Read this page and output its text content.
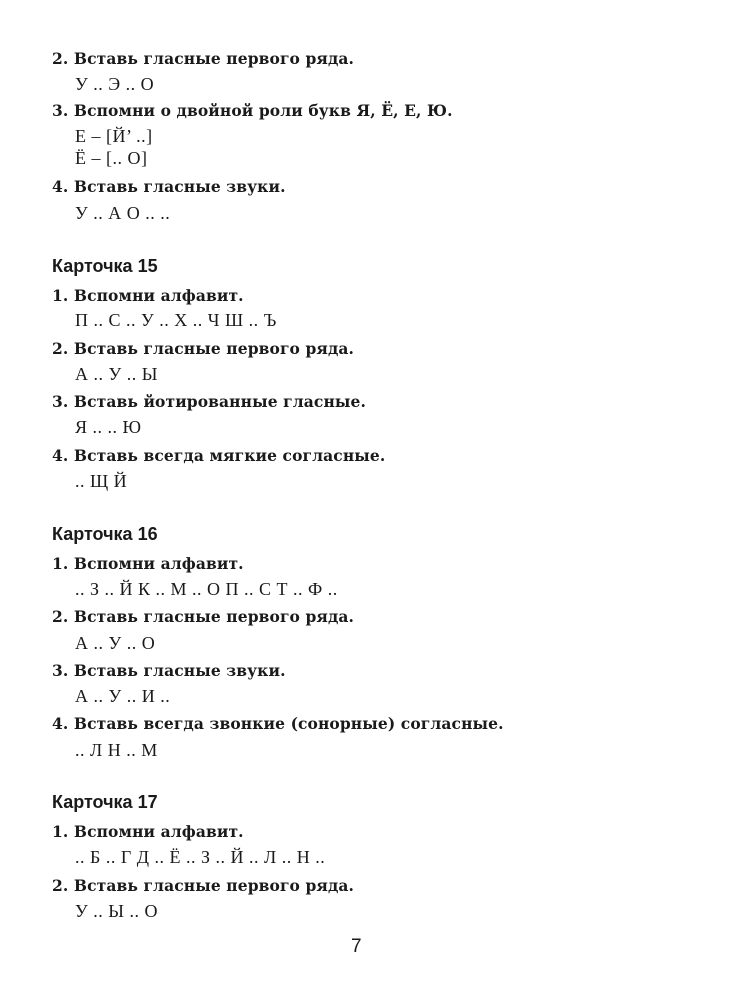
2. Вставь гласные первого ряда.

У .. Э .. О

3. Вспомни о двойной роли букв Я, Ё, Е, Ю.

Е – [Й’ ..]

Ё – [.. О]

4. Вставь гласные звуки.

У .. А О .. ..

Карточка 15

1. Вспомни алфавит.

П .. С .. У .. Х .. Ч Ш .. Ъ

2. Вставь гласные первого ряда.

А .. У .. Ы

3. Вставь йотированные гласные.

Я .. .. Ю

4. Вставь всегда мягкие согласные.

.. Щ Й

Карточка 16

1. Вспомни алфавит.

.. З .. Й К .. М .. О П .. С Т .. Ф ..

2. Вставь гласные первого ряда.

А .. У .. О

3. Вставь гласные звуки.

А .. У .. И ..

4. Вставь всегда звонкие (сонорные) согласные.

.. Л Н .. М

Карточка 17

1. Вспомни алфавит.

.. Б .. Г Д .. Ё .. З .. Й .. Л .. Н ..

2. Вставь гласные первого ряда.

У .. Ы .. О

7
